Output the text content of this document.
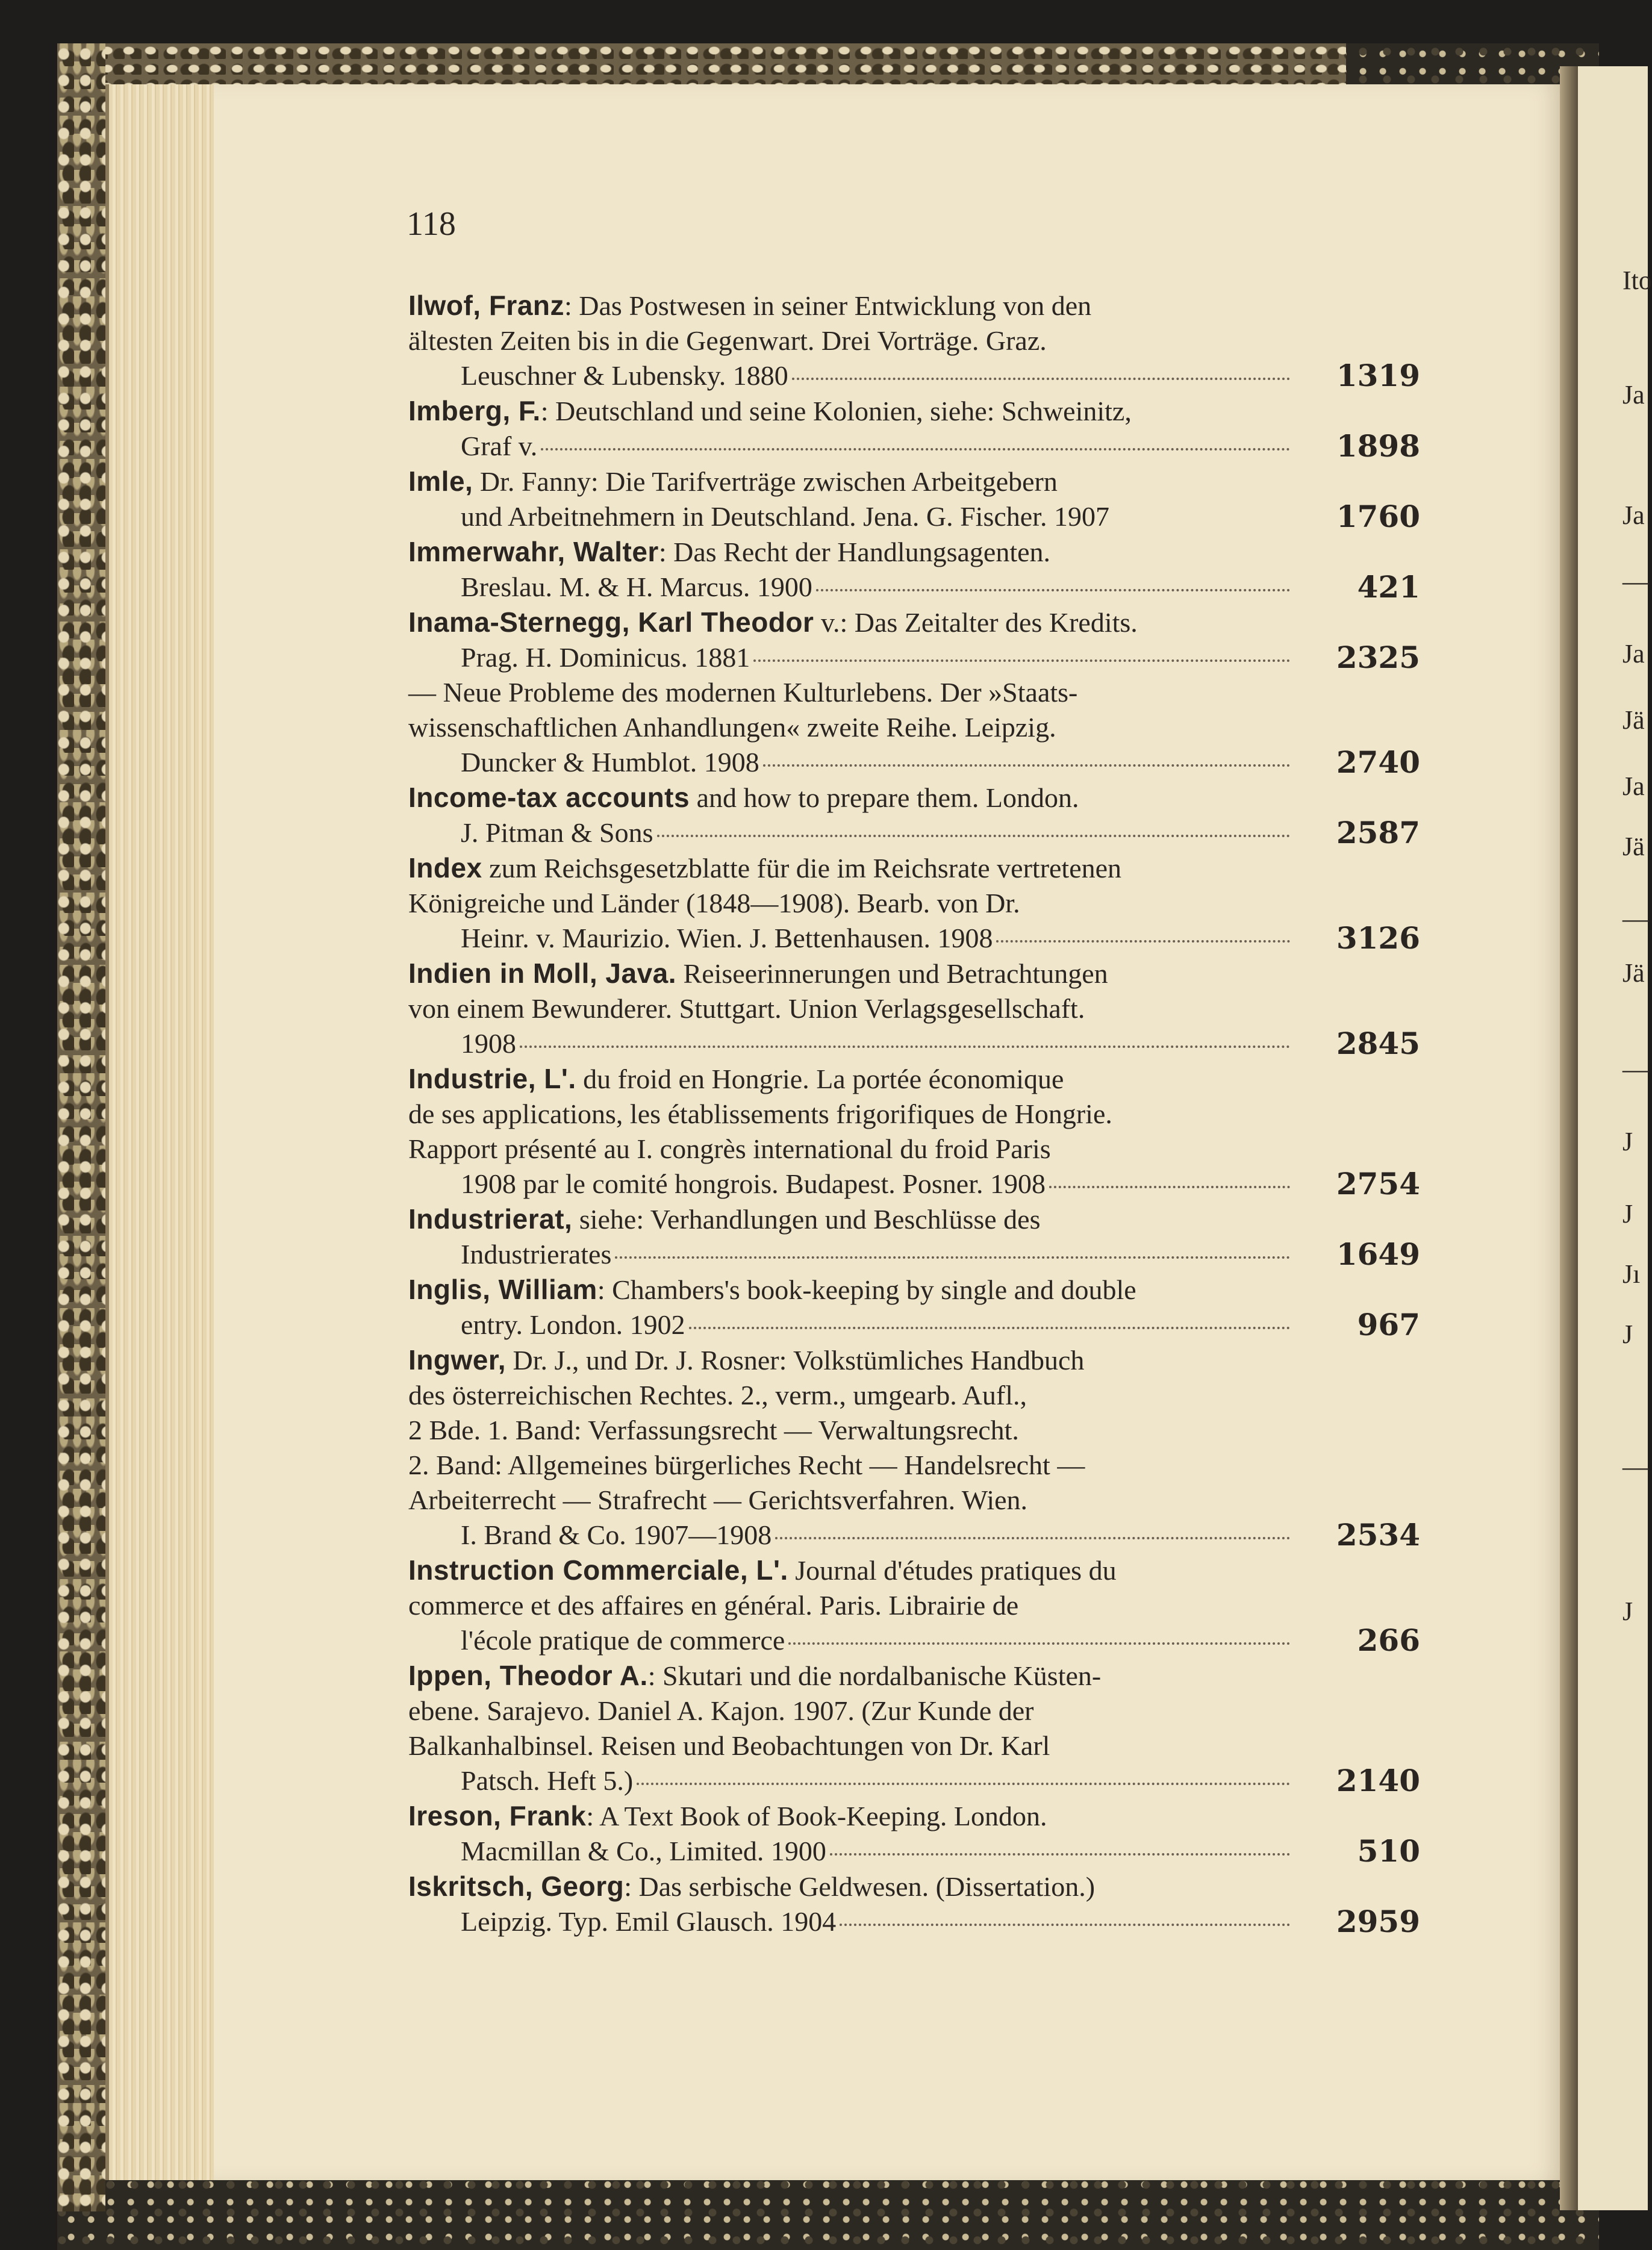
Ito
Ja
Ja
—
Ja
Jä
Ja
Jä
—
Jä
—
J
J
Jı
J
—
J
118
Ilwof, Franz: Das Postwesen in seiner Entwicklung von den
ältesten Zeiten bis in die Gegenwart. Drei Vorträge. Graz.
Leuschner & Lubensky. 1880	1319
Imberg, F.: Deutschland und seine Kolonien, siehe: Schweinitz,
Graf v.	1898
Imle, Dr. Fanny: Die Tarifverträge zwischen Arbeitgebern
und Arbeitnehmern in Deutschland. Jena. G. Fischer. 1907	1760
Immerwahr, Walter: Das Recht der Handlungsagenten.
Breslau. M. & H. Marcus. 1900	421
Inama-Sternegg, Karl Theodor v.: Das Zeitalter des Kredits.
Prag. H. Dominicus. 1881	2325
— Neue Probleme des modernen Kulturlebens. Der »Staats-
wissenschaftlichen Anhandlungen« zweite Reihe. Leipzig.
Duncker & Humblot. 1908	2740
Income-tax accounts and how to prepare them. London.
J. Pitman & Sons	2587
Index zum Reichsgesetzblatte für die im Reichsrate vertretenen
Königreiche und Länder (1848—1908). Bearb. von Dr.
Heinr. v. Maurizio. Wien. J. Bettenhausen. 1908	3126
Indien in Moll, Java. Reiseerinnerungen und Betrachtungen
von einem Bewunderer. Stuttgart. Union Verlagsgesellschaft.
1908	2845
Industrie, L'. du froid en Hongrie. La portée économique
de ses applications, les établissements frigorifiques de Hongrie.
Rapport présenté au I. congrès international du froid Paris
1908 par le comité hongrois. Budapest. Posner. 1908	2754
Industrierat, siehe: Verhandlungen und Beschlüsse des
Industrierates	1649
Inglis, William: Chambers's book-keeping by single and double
entry. London. 1902	967
Ingwer, Dr. J., und Dr. J. Rosner: Volkstümliches Handbuch
des österreichischen Rechtes. 2., verm., umgearb. Aufl.,
2 Bde. 1. Band: Verfassungsrecht — Verwaltungsrecht.
2. Band: Allgemeines bürgerliches Recht — Handelsrecht —
Arbeiterrecht — Strafrecht — Gerichtsverfahren. Wien.
I. Brand & Co. 1907—1908	2534
Instruction Commerciale, L'. Journal d'études pratiques du
commerce et des affaires en général. Paris. Librairie de
l'école pratique de commerce	266
Ippen, Theodor A.: Skutari und die nordalbanische Küsten-
ebene. Sarajevo. Daniel A. Kajon. 1907. (Zur Kunde der
Balkanhalbinsel. Reisen und Beobachtungen von Dr. Karl
Patsch. Heft 5.)	2140
Ireson, Frank: A Text Book of Book-Keeping. London.
Macmillan & Co., Limited. 1900	510
Iskritsch, Georg: Das serbische Geldwesen. (Dissertation.)
Leipzig. Typ. Emil Glausch. 1904	2959
